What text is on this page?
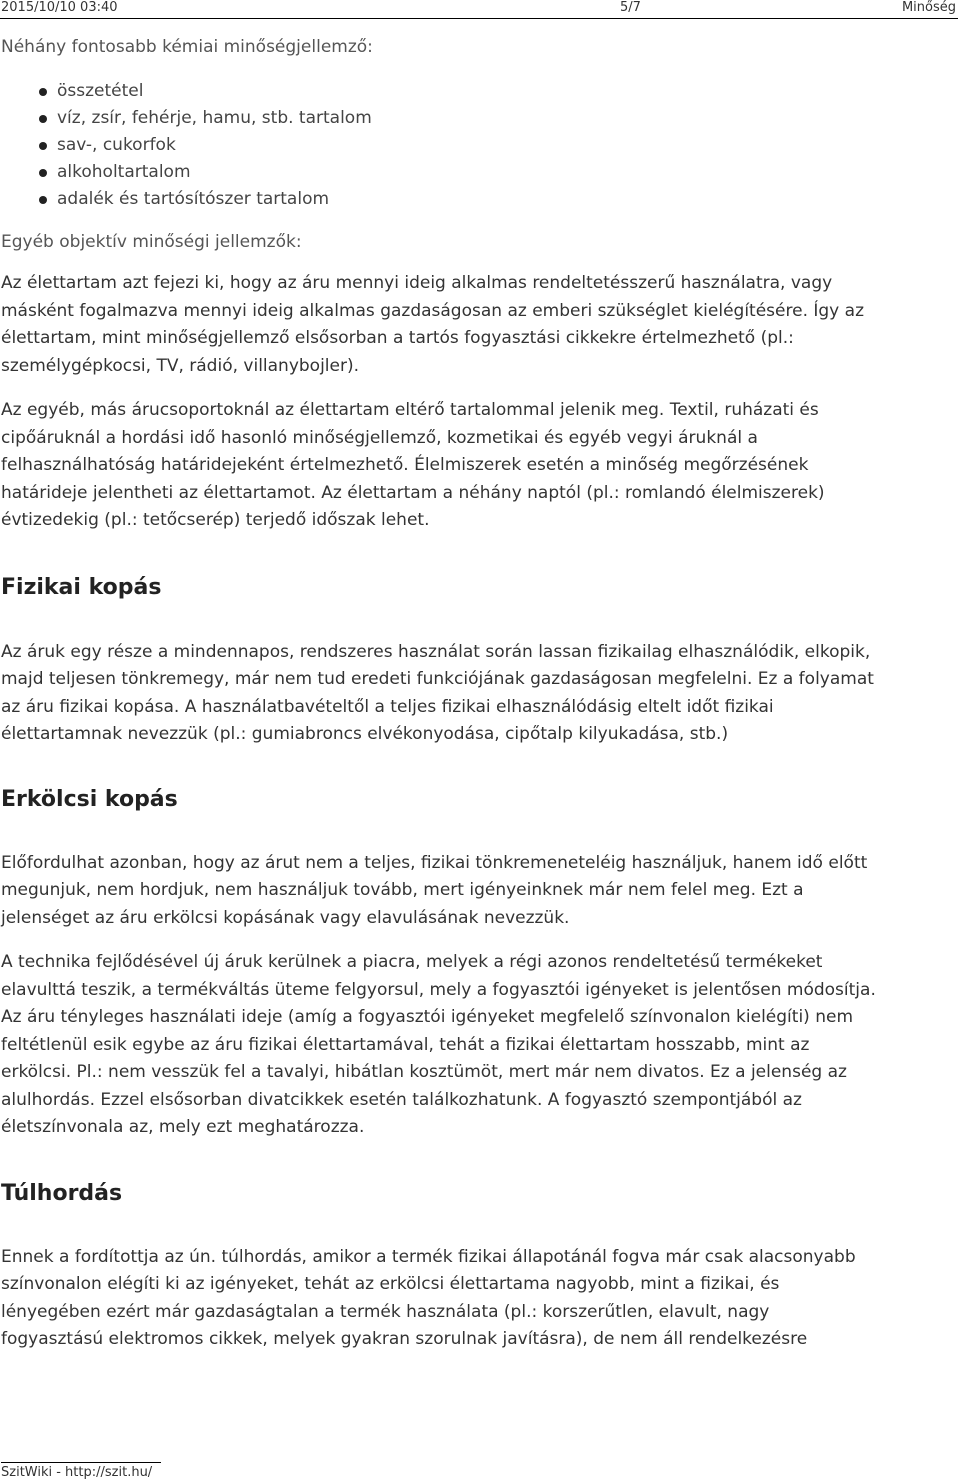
2015/10/10 03:40	5/7	Minőség

Néhány fontosabb kémiai minőségjellemző:

összetétel
víz, zsír, fehérje, hamu, stb. tartalom
sav-, cukorfok
alkoholtartalom
adalék és tartósítószer tartalom

Egyéb objektív minőségi jellemzők:

Az élettartam azt fejezi ki, hogy az áru mennyi ideig alkalmas rendeltetésszerű használatra, vagy

másként fogalmazva mennyi ideig alkalmas gazdaságosan az emberi szükséglet kielégítésére. Így az

élettartam, mint minőségjellemző elsősorban a tartós fogyasztási cikkekre értelmezhető (pl.:

személygépkocsi, TV, rádió, villanybojler).

Az egyéb, más árucsoportoknál az élettartam eltérő tartalommal jelenik meg. Textil, ruházati és

cipőáruknál a hordási idő hasonló minőségjellemző, kozmetikai és egyéb vegyi áruknál a

felhasználhatóság határidejeként értelmezhető. Élelmiszerek esetén a minőség megőrzésének

határideje jelentheti az élettartamot. Az élettartam a néhány naptól (pl.: romlandó élelmiszerek)

évtizedekig (pl.: tetőcserép) terjedő időszak lehet.

Fizikai kopás

Az áruk egy része a mindennapos, rendszeres használat során lassan fizikailag elhasználódik, elkopik,

majd teljesen tönkremegy, már nem tud eredeti funkciójának gazdaságosan megfelelni. Ez a folyamat

az áru fizikai kopása. A használatbavételtől a teljes fizikai elhasználódásig eltelt időt fizikai

élettartamnak nevezzük (pl.: gumiabroncs elvékonyodása, cipőtalp kilyukadása, stb.)

Erkölcsi kopás

Előfordulhat azonban, hogy az árut nem a teljes, fizikai tönkremeneteléig használjuk, hanem idő előtt

megunjuk, nem hordjuk, nem használjuk tovább, mert igényeinknek már nem felel meg. Ezt a

jelenséget az áru erkölcsi kopásának vagy elavulásának nevezzük.

A technika fejlődésével új áruk kerülnek a piacra, melyek a régi azonos rendeltetésű termékeket

elavulttá teszik, a termékváltás üteme felgyorsul, mely a fogyasztói igényeket is jelentősen módosítja.

Az áru tényleges használati ideje (amíg a fogyasztói igényeket megfelelő színvonalon kielégíti) nem

feltétlenül esik egybe az áru fizikai élettartamával, tehát a fizikai élettartam hosszabb, mint az

erkölcsi. Pl.: nem vesszük fel a tavalyi, hibátlan kosztümöt, mert már nem divatos. Ez a jelenség az

alulhordás. Ezzel elsősorban divatcikkek esetén találkozhatunk. A fogyasztó szempontjából az

életszínvonala az, mely ezt meghatározza.

Túlhordás

Ennek a fordítottja az ún. túlhordás, amikor a termék fizikai állapotánál fogva már csak alacsonyabb

színvonalon elégíti ki az igényeket, tehát az erkölcsi élettartama nagyobb, mint a fizikai, és

lényegében ezért már gazdaságtalan a termék használata (pl.: korszerűtlen, elavult, nagy

fogyasztású elektromos cikkek, melyek gyakran szorulnak javításra), de nem áll rendelkezésre

SzitWiki - http://szit.hu/
